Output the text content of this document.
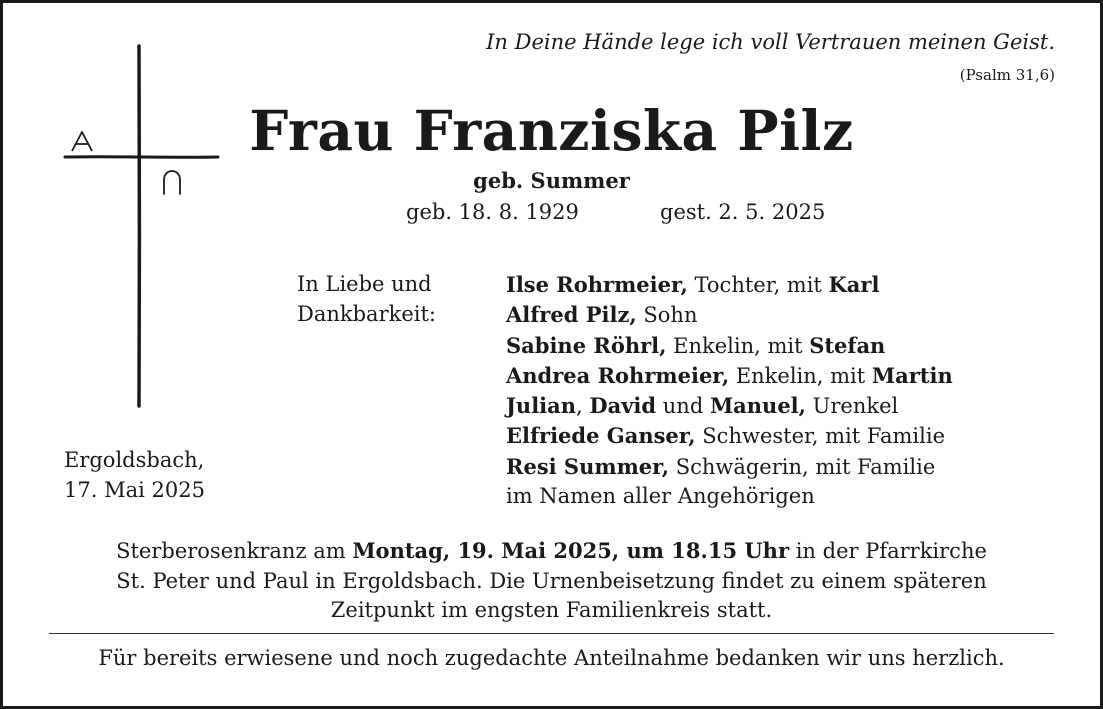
In Deine Hände lege ich voll Vertrauen meinen Geist.
(Psalm 31,6)
Frau Franziska Pilz
geb. Summer
geb. 18. 8. 1929	gest. 2. 5. 2025
In Liebe und
Dankbarkeit:
Ilse Rohrmeier, Tochter, mit Karl
Alfred Pilz, Sohn
Sabine Röhrl, Enkelin, mit Stefan
Andrea Rohrmeier, Enkelin, mit Martin
Julian, David und Manuel, Urenkel
Elfriede Ganser, Schwester, mit Familie
Resi Summer, Schwägerin, mit Familie
im Namen aller Angehörigen
Ergoldsbach,
17. Mai 2025
Sterberosenkranz am Montag, 19. Mai 2025, um 18.15 Uhr in der Pfarrkirche
St. Peter und Paul in Ergoldsbach. Die Urnenbeisetzung findet zu einem späteren
Zeitpunkt im engsten Familienkreis statt.
Für bereits erwiesene und noch zugedachte Anteilnahme bedanken wir uns herzlich.
